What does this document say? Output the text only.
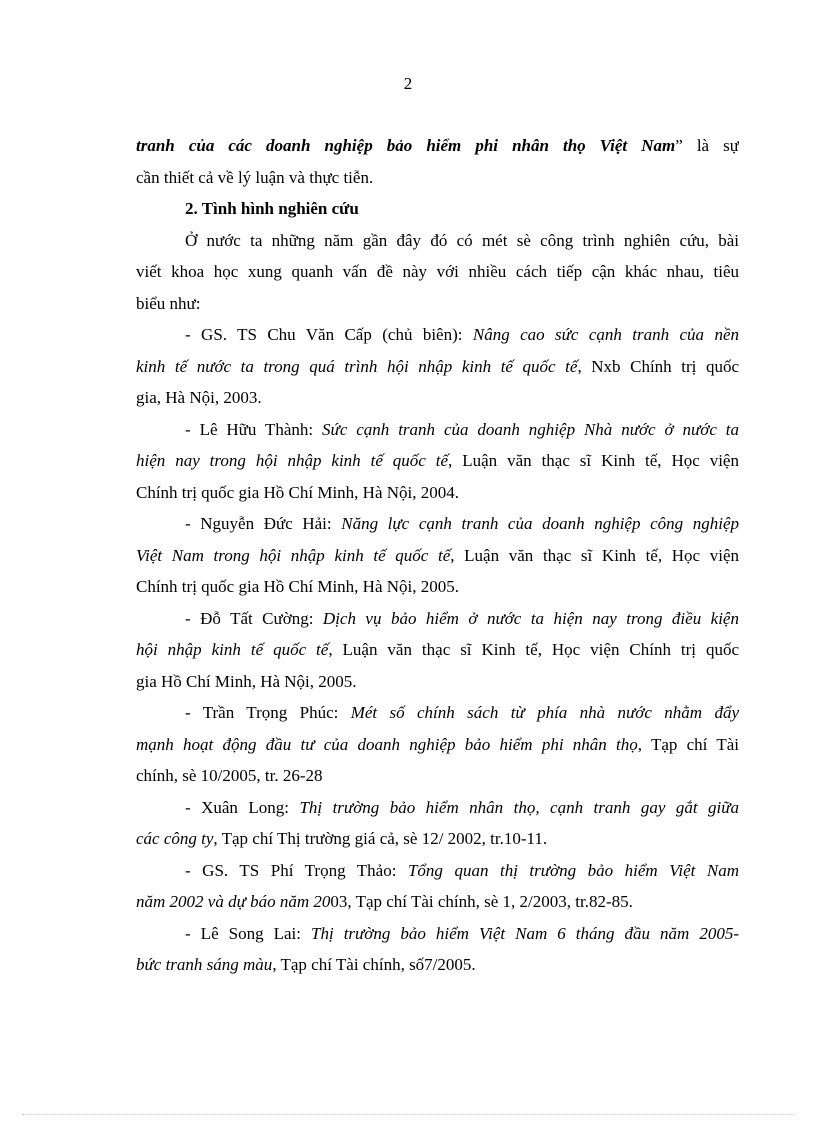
2
tranh của các doanh nghiệp bảo hiểm phi nhân thọ Việt Nam” là sự
cần thiết cả về lý luận và thực tiễn.
2. Tình hình nghiên cứu
Ở nước ta những năm gần đây đó có mét sè công trình nghiên cứu, bài
viết khoa học xung quanh vấn đề này với nhiều cách tiếp cận khác nhau, tiêu
biểu như:
- GS. TS Chu Văn Cấp (chủ biên): Nâng cao sức cạnh tranh của nền
kinh tế nước ta trong quá trình hội nhập kinh tế quốc tế, Nxb Chính trị quốc
gia, Hà Nội, 2003.
- Lê Hữu Thành: Sức cạnh tranh của doanh nghiệp Nhà nước ở nước ta
hiện nay trong hội nhập kinh tế quốc tế, Luận văn thạc sĩ Kinh tế, Học viện
Chính trị quốc gia Hồ Chí Minh, Hà Nội, 2004.
- Nguyễn Đức Hải: Năng lực cạnh tranh của doanh nghiệp công nghiệp
Việt Nam trong hội nhập kinh tế quốc tế, Luận văn thạc sĩ Kinh tế, Học viện
Chính trị quốc gia Hồ Chí Minh, Hà Nội, 2005.
- Đỗ Tất Cường: Dịch vụ bảo hiểm ở nước ta hiện nay trong điều kiện
hội nhập kinh tế quốc tế, Luận văn thạc sĩ Kinh tế, Học viện Chính trị quốc
gia Hồ Chí Minh, Hà Nội, 2005.
- Trần Trọng Phúc: Mét số chính sách từ phía nhà nước nhằm đẩy
mạnh hoạt động đầu tư của doanh nghiệp bảo hiểm phi nhân thọ, Tạp chí Tài
chính, sè 10/2005, tr. 26-28
- Xuân Long: Thị trường bảo hiểm nhân thọ, cạnh tranh gay gắt giữa
các công ty, Tạp chí Thị trường giá cả, sè 12/ 2002, tr.10-11.
- GS. TS Phí Trọng Thảo: Tổng quan thị trường bảo hiểm Việt Nam
năm 2002 và dự báo năm 2003, Tạp chí Tài chính, sè 1, 2/2003, tr.82-85.
- Lê Song Lai: Thị trường bảo hiểm Việt Nam 6 tháng đầu năm 2005-
bức tranh sáng màu, Tạp chí Tài chính, số7/2005.
